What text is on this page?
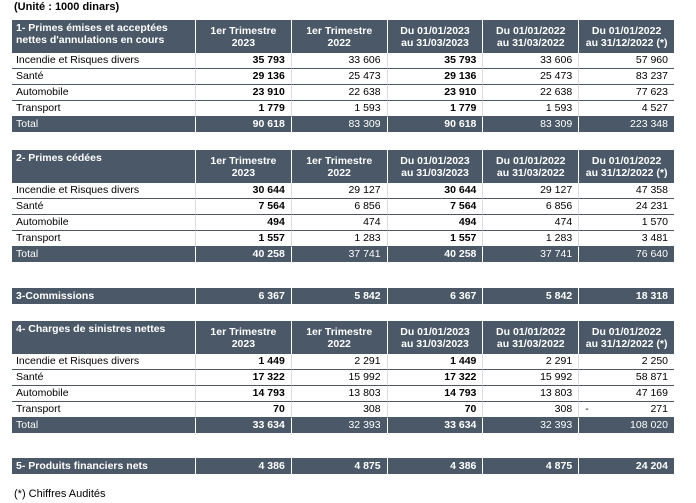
(Unité : 1000 dinars)
1- Primes émises et acceptées nettes d'annulations en cours	1er Trimestre 2023	1er Trimestre 2022	Du 01/01/2023 au 31/03/2023	Du 01/01/2022 au 31/03/2022	Du 01/01/2022 au 31/12/2022 (*)
Incendie et Risques divers	35 793	33 606	35 793	33 606	57 960
Santé	29 136	25 473	29 136	25 473	83 237
Automobile	23 910	22 638	23 910	22 638	77 623
Transport	1 779	1 593	1 779	1 593	4 527
Total	90 618	83 309	90 618	83 309	223 348
2- Primes cédées	1er Trimestre 2023	1er Trimestre 2022	Du 01/01/2023 au 31/03/2023	Du 01/01/2022 au 31/03/2022	Du 01/01/2022 au 31/12/2022 (*)
Incendie et Risques divers	30 644	29 127	30 644	29 127	47 358
Santé	7 564	6 856	7 564	6 856	24 231
Automobile	494	474	494	474	1 570
Transport	1 557	1 283	1 557	1 283	3 481
Total	40 258	37 741	40 258	37 741	76 640
3-Commissions	6 367	5 842	6 367	5 842	18 318
4- Charges de sinistres nettes	1er Trimestre 2023	1er Trimestre 2022	Du 01/01/2023 au 31/03/2023	Du 01/01/2022 au 31/03/2022	Du 01/01/2022 au 31/12/2022 (*)
Incendie et Risques divers	1 449	2 291	1 449	2 291	2 250
Santé	17 322	15 992	17 322	15 992	58 871
Automobile	14 793	13 803	14 793	13 803	47 169
Transport	70	308	70	308	- 271
Total	33 634	32 393	33 634	32 393	108 020
5- Produits financiers nets	4 386	4 875	4 386	4 875	24 204
(*) Chiffres Audités
